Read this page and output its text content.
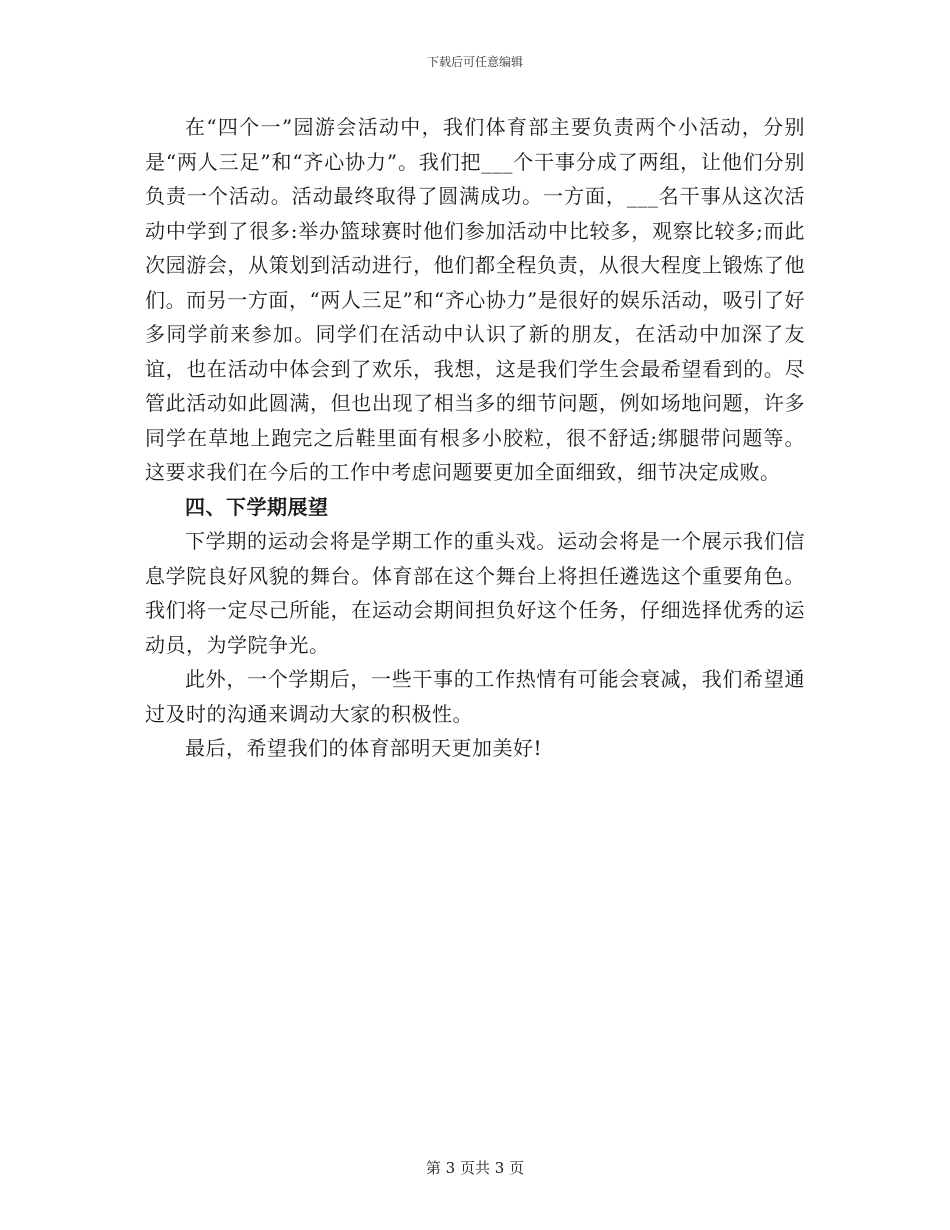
下载后可任意编辑

在“四个一”园游会活动中，我们体育部主要负责两个小活动，分别是“两人三足”和“齐心协力”。我们把___个干事分成了两组，让他们分别负责一个活动。活动最终取得了圆满成功。一方面，___名干事从这次活动中学到了很多:举办篮球赛时他们参加活动中比较多，观察比较多;而此次园游会，从策划到活动进行，他们都全程负责，从很大程度上锻炼了他们。而另一方面，“两人三足”和“齐心协力”是很好的娱乐活动，吸引了好多同学前来参加。同学们在活动中认识了新的朋友，在活动中加深了友谊，也在活动中体会到了欢乐，我想，这是我们学生会最希望看到的。尽管此活动如此圆满，但也出现了相当多的细节问题，例如场地问题，许多同学在草地上跑完之后鞋里面有根多小胶粒，很不舒适;绑腿带问题等。这要求我们在今后的工作中考虑问题要更加全面细致，细节决定成败。

四、下学期展望

下学期的运动会将是学期工作的重头戏。运动会将是一个展示我们信息学院良好风貌的舞台。体育部在这个舞台上将担任遴选这个重要角色。我们将一定尽己所能，在运动会期间担负好这个任务，仔细选择优秀的运动员，为学院争光。

此外，一个学期后，一些干事的工作热情有可能会衰减，我们希望通过及时的沟通来调动大家的积极性。

最后，希望我们的体育部明天更加美好!

第 3 页共 3 页
